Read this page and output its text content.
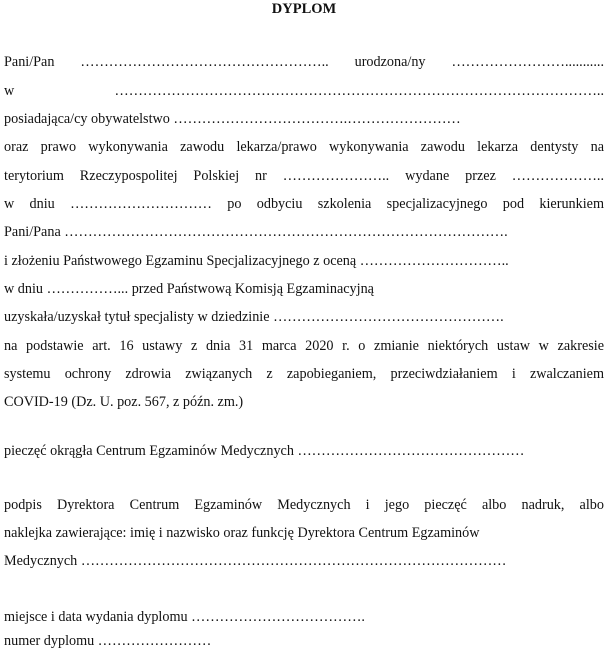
DYPLOM
Pani/Pan …………………………………………….. urodzona/ny ……………………...........
w …………………………………………………………………………………………..
posiadająca/cy obywatelstwo ……………………………….……………………
oraz prawo wykonywania zawodu lekarza/prawo wykonywania zawodu lekarza dentysty na
terytorium Rzeczypospolitej Polskiej nr ………………….. wydane przez ………………..
w dniu ………………………… po odbyciu szkolenia specjalizacyjnego pod kierunkiem
Pani/Pana ………………………………………………………………………………….
i złożeniu Państwowego Egzaminu Specjalizacyjnego z oceną …………………………..
w dniu ……………... przed Państwową Komisją Egzaminacyjną
uzyskała/uzyskał tytuł specjalisty w dziedzinie ………………………………………….
na podstawie art. 16 ustawy z dnia 31 marca 2020 r. o zmianie niektórych ustaw w zakresie
systemu ochrony zdrowia związanych z zapobieganiem, przeciwdziałaniem i zwalczaniem
COVID-19 (Dz. U. poz. 567, z późn. zm.)
pieczęć okrągła Centrum Egzaminów Medycznych …………………………………………
podpis Dyrektora Centrum Egzaminów Medycznych i jego pieczęć albo nadruk, albo
naklejka zawierające: imię i nazwisko oraz funkcję Dyrektora Centrum Egzaminów
Medycznych ………………………………………………………………………………
miejsce i data wydania dyplomu ……………………………….
numer dyplomu ……………………
